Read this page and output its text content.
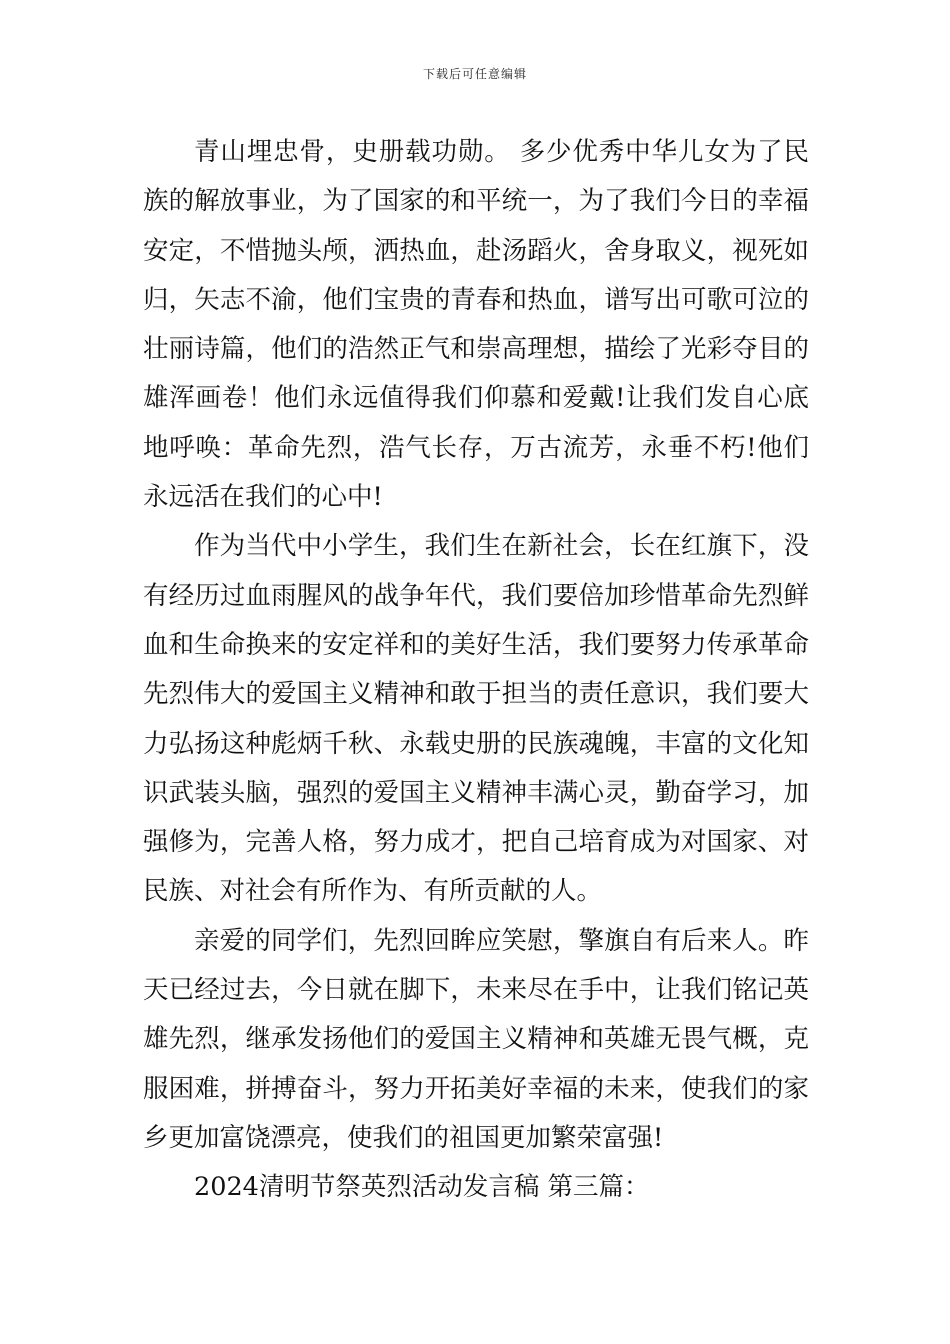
下载后可任意编辑

青山埋忠骨，史册载功勋。 多少优秀中华儿女为了民族的解放事业，为了国家的和平统一，为了我们今日的幸福安定，不惜抛头颅，洒热血，赴汤蹈火，舍身取义，视死如归，矢志不渝，他们宝贵的青春和热血，谱写出可歌可泣的壮丽诗篇，他们的浩然正气和崇高理想，描绘了光彩夺目的雄浑画卷！他们永远值得我们仰慕和爱戴!让我们发自心底地呼唤：革命先烈，浩气长存，万古流芳，永垂不朽!他们永远活在我们的心中!

作为当代中小学生，我们生在新社会，长在红旗下，没有经历过血雨腥风的战争年代，我们要倍加珍惜革命先烈鲜血和生命换来的安定祥和的美好生活，我们要努力传承革命先烈伟大的爱国主义精神和敢于担当的责任意识，我们要大力弘扬这种彪炳千秋、永载史册的民族魂魄，丰富的文化知识武装头脑，强烈的爱国主义精神丰满心灵，勤奋学习，加强修为，完善人格，努力成才，把自己培育成为对国家、对民族、对社会有所作为、有所贡献的人。

亲爱的同学们，先烈回眸应笑慰，擎旗自有后来人。昨天已经过去，今日就在脚下，未来尽在手中，让我们铭记英雄先烈，继承发扬他们的爱国主义精神和英雄无畏气概，克服困难，拼搏奋斗，努力开拓美好幸福的未来，使我们的家乡更加富饶漂亮，使我们的祖国更加繁荣富强!

2024清明节祭英烈活动发言稿 第三篇：
